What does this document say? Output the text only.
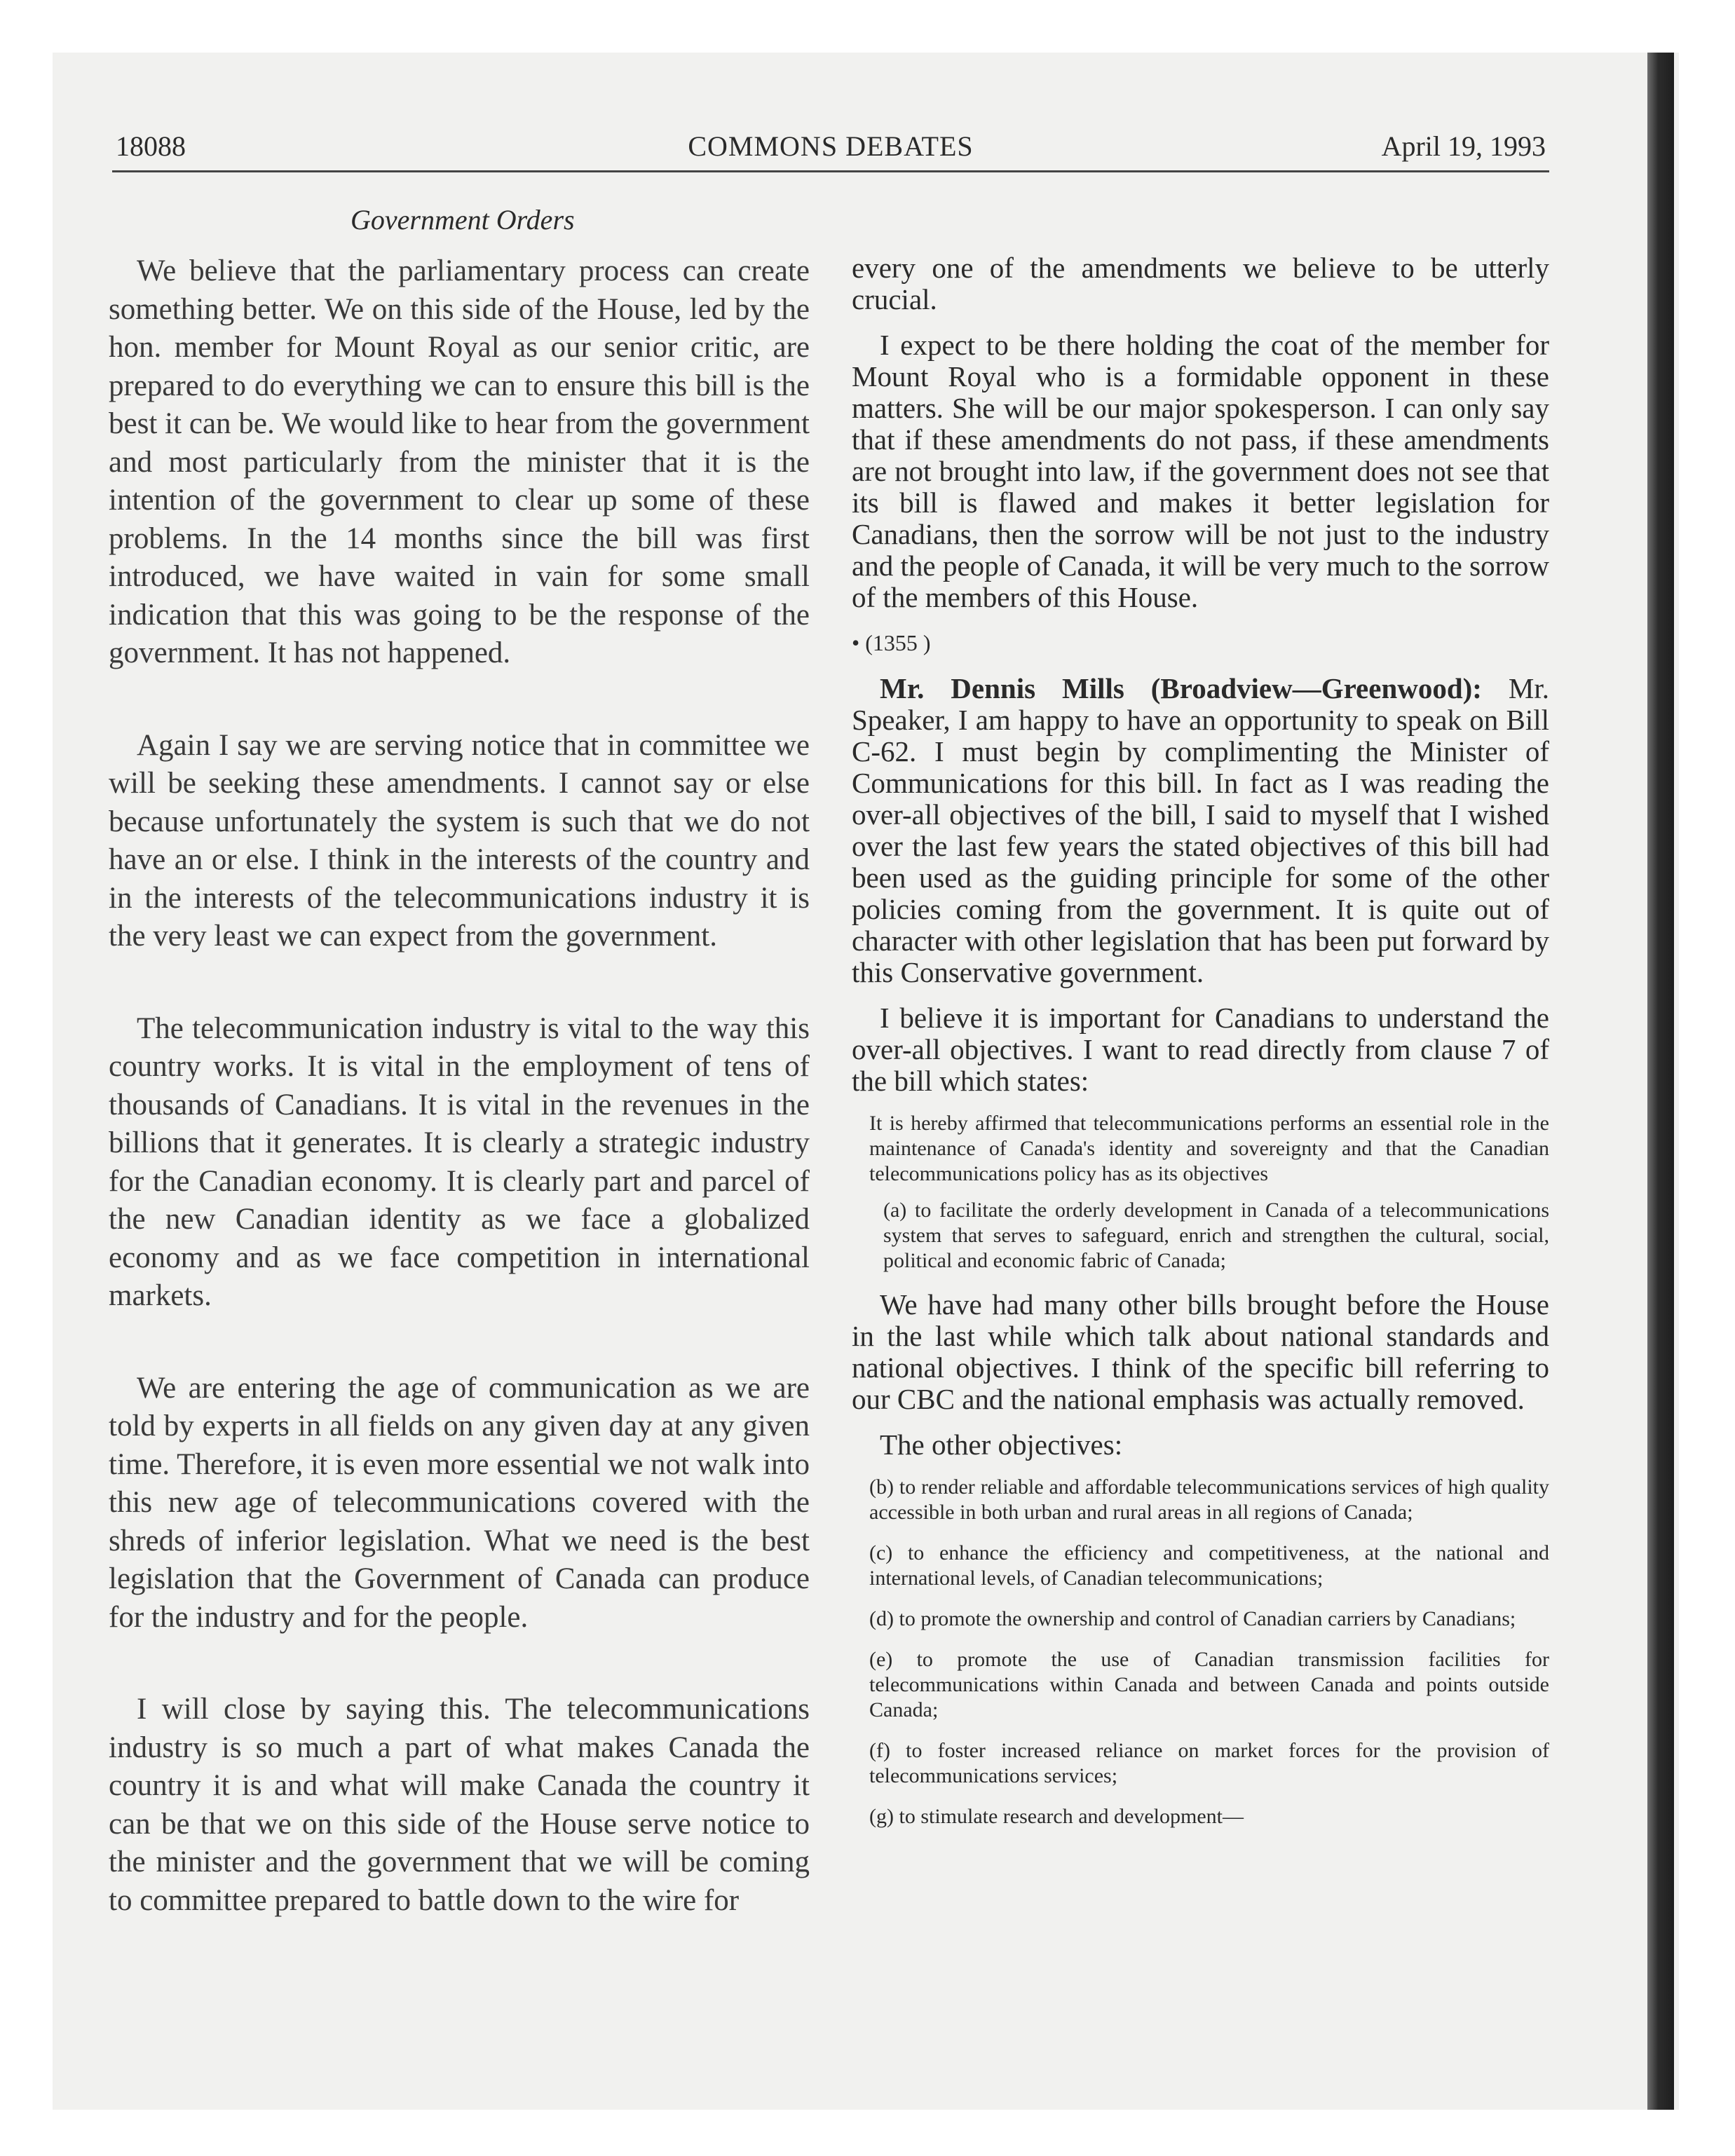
18088	COMMONS DEBATES	April 19, 1993
Government Orders

We believe that the parliamentary process can create something better. We on this side of the House, led by the hon. member for Mount Royal as our senior critic, are prepared to do everything we can to ensure this bill is the best it can be. We would like to hear from the government and most particularly from the minister that it is the intention of the government to clear up some of these problems. In the 14 months since the bill was first introduced, we have waited in vain for some small indication that this was going to be the response of the government. It has not happened.

Again I say we are serving notice that in committee we will be seeking these amendments. I cannot say or else because unfortunately the system is such that we do not have an or else. I think in the interests of the country and in the interests of the telecommunications industry it is the very least we can expect from the government.

The telecommunication industry is vital to the way this country works. It is vital in the employment of tens of thousands of Canadians. It is vital in the revenues in the billions that it generates. It is clearly a strategic industry for the Canadian economy. It is clearly part and parcel of the new Canadian identity as we face a globalized economy and as we face competition in international markets.

We are entering the age of communication as we are told by experts in all fields on any given day at any given time. Therefore, it is even more essential we not walk into this new age of telecommunications covered with the shreds of inferior legislation. What we need is the best legislation that the Government of Canada can produce for the industry and for the people.

I will close by saying this. The telecommunications industry is so much a part of what makes Canada the country it is and what will make Canada the country it can be that we on this side of the House serve notice to the minister and the government that we will be coming to committee prepared to battle down to the wire for

every one of the amendments we believe to be utterly crucial.

I expect to be there holding the coat of the member for Mount Royal who is a formidable opponent in these matters. She will be our major spokesperson. I can only say that if these amendments do not pass, if these amendments are not brought into law, if the government does not see that its bill is flawed and makes it better legislation for Canadians, then the sorrow will be not just to the industry and the people of Canada, it will be very much to the sorrow of the members of this House.

• (1355 )

Mr. Dennis Mills (Broadview—Greenwood): Mr. Speaker, I am happy to have an opportunity to speak on Bill C-62. I must begin by complimenting the Minister of Communications for this bill. In fact as I was reading the over-all objectives of the bill, I said to myself that I wished over the last few years the stated objectives of this bill had been used as the guiding principle for some of the other policies coming from the government. It is quite out of character with other legislation that has been put forward by this Conservative government.

I believe it is important for Canadians to understand the over-all objectives. I want to read directly from clause 7 of the bill which states:

It is hereby affirmed that telecommunications performs an essential role in the maintenance of Canada's identity and sovereignty and that the Canadian telecommunications policy has as its objectives
(a) to facilitate the orderly development in Canada of a telecommunications system that serves to safeguard, enrich and strengthen the cultural, social, political and economic fabric of Canada;

We have had many other bills brought before the House in the last while which talk about national standards and national objectives. I think of the specific bill referring to our CBC and the national emphasis was actually removed.

The other objectives:

(b) to render reliable and affordable telecommunications services of high quality accessible in both urban and rural areas in all regions of Canada;
(c) to enhance the efficiency and competitiveness, at the national and international levels, of Canadian telecommunications;
(d) to promote the ownership and control of Canadian carriers by Canadians;
(e) to promote the use of Canadian transmission facilities for telecommunications within Canada and between Canada and points outside Canada;
(f) to foster increased reliance on market forces for the provision of telecommunications services;
(g) to stimulate research and development—
